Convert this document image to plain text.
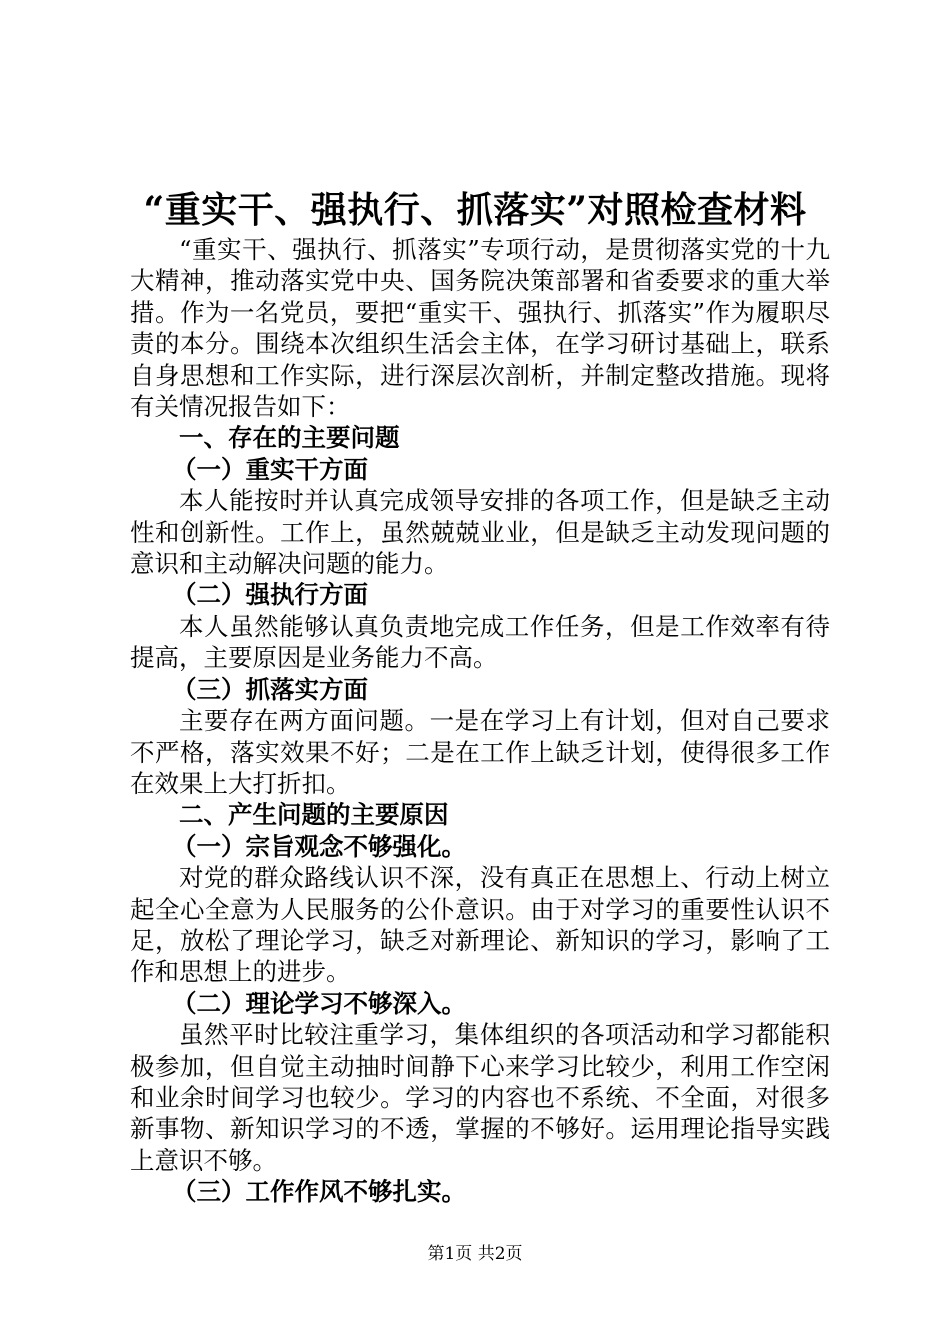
“重实干、强执行、抓落实”对照检查材料

“重实干、强执行、抓落实”专项行动，是贯彻落实党的十九大精神，推动落实党中央、国务院决策部署和省委要求的重大举措。作为一名党员，要把“重实干、强执行、抓落实”作为履职尽责的本分。围绕本次组织生活会主体，在学习研讨基础上，联系自身思想和工作实际，进行深层次剖析，并制定整改措施。现将有关情况报告如下：

一、存在的主要问题

（一）重实干方面

本人能按时并认真完成领导安排的各项工作，但是缺乏主动性和创新性。工作上，虽然兢兢业业，但是缺乏主动发现问题的意识和主动解决问题的能力。

（二）强执行方面

本人虽然能够认真负责地完成工作任务，但是工作效率有待提高，主要原因是业务能力不高。

（三）抓落实方面

主要存在两方面问题。一是在学习上有计划，但对自己要求不严格，落实效果不好；二是在工作上缺乏计划，使得很多工作在效果上大打折扣。

二、产生问题的主要原因

（一）宗旨观念不够强化。

对党的群众路线认识不深，没有真正在思想上、行动上树立起全心全意为人民服务的公仆意识。由于对学习的重要性认识不足，放松了理论学习，缺乏对新理论、新知识的学习，影响了工作和思想上的进步。

（二）理论学习不够深入。

虽然平时比较注重学习，集体组织的各项活动和学习都能积极参加，但自觉主动抽时间静下心来学习比较少，利用工作空闲和业余时间学习也较少。学习的内容也不系统、不全面，对很多新事物、新知识学习的不透，掌握的不够好。运用理论指导实践上意识不够。

（三）工作作风不够扎实。

第1页 共2页
